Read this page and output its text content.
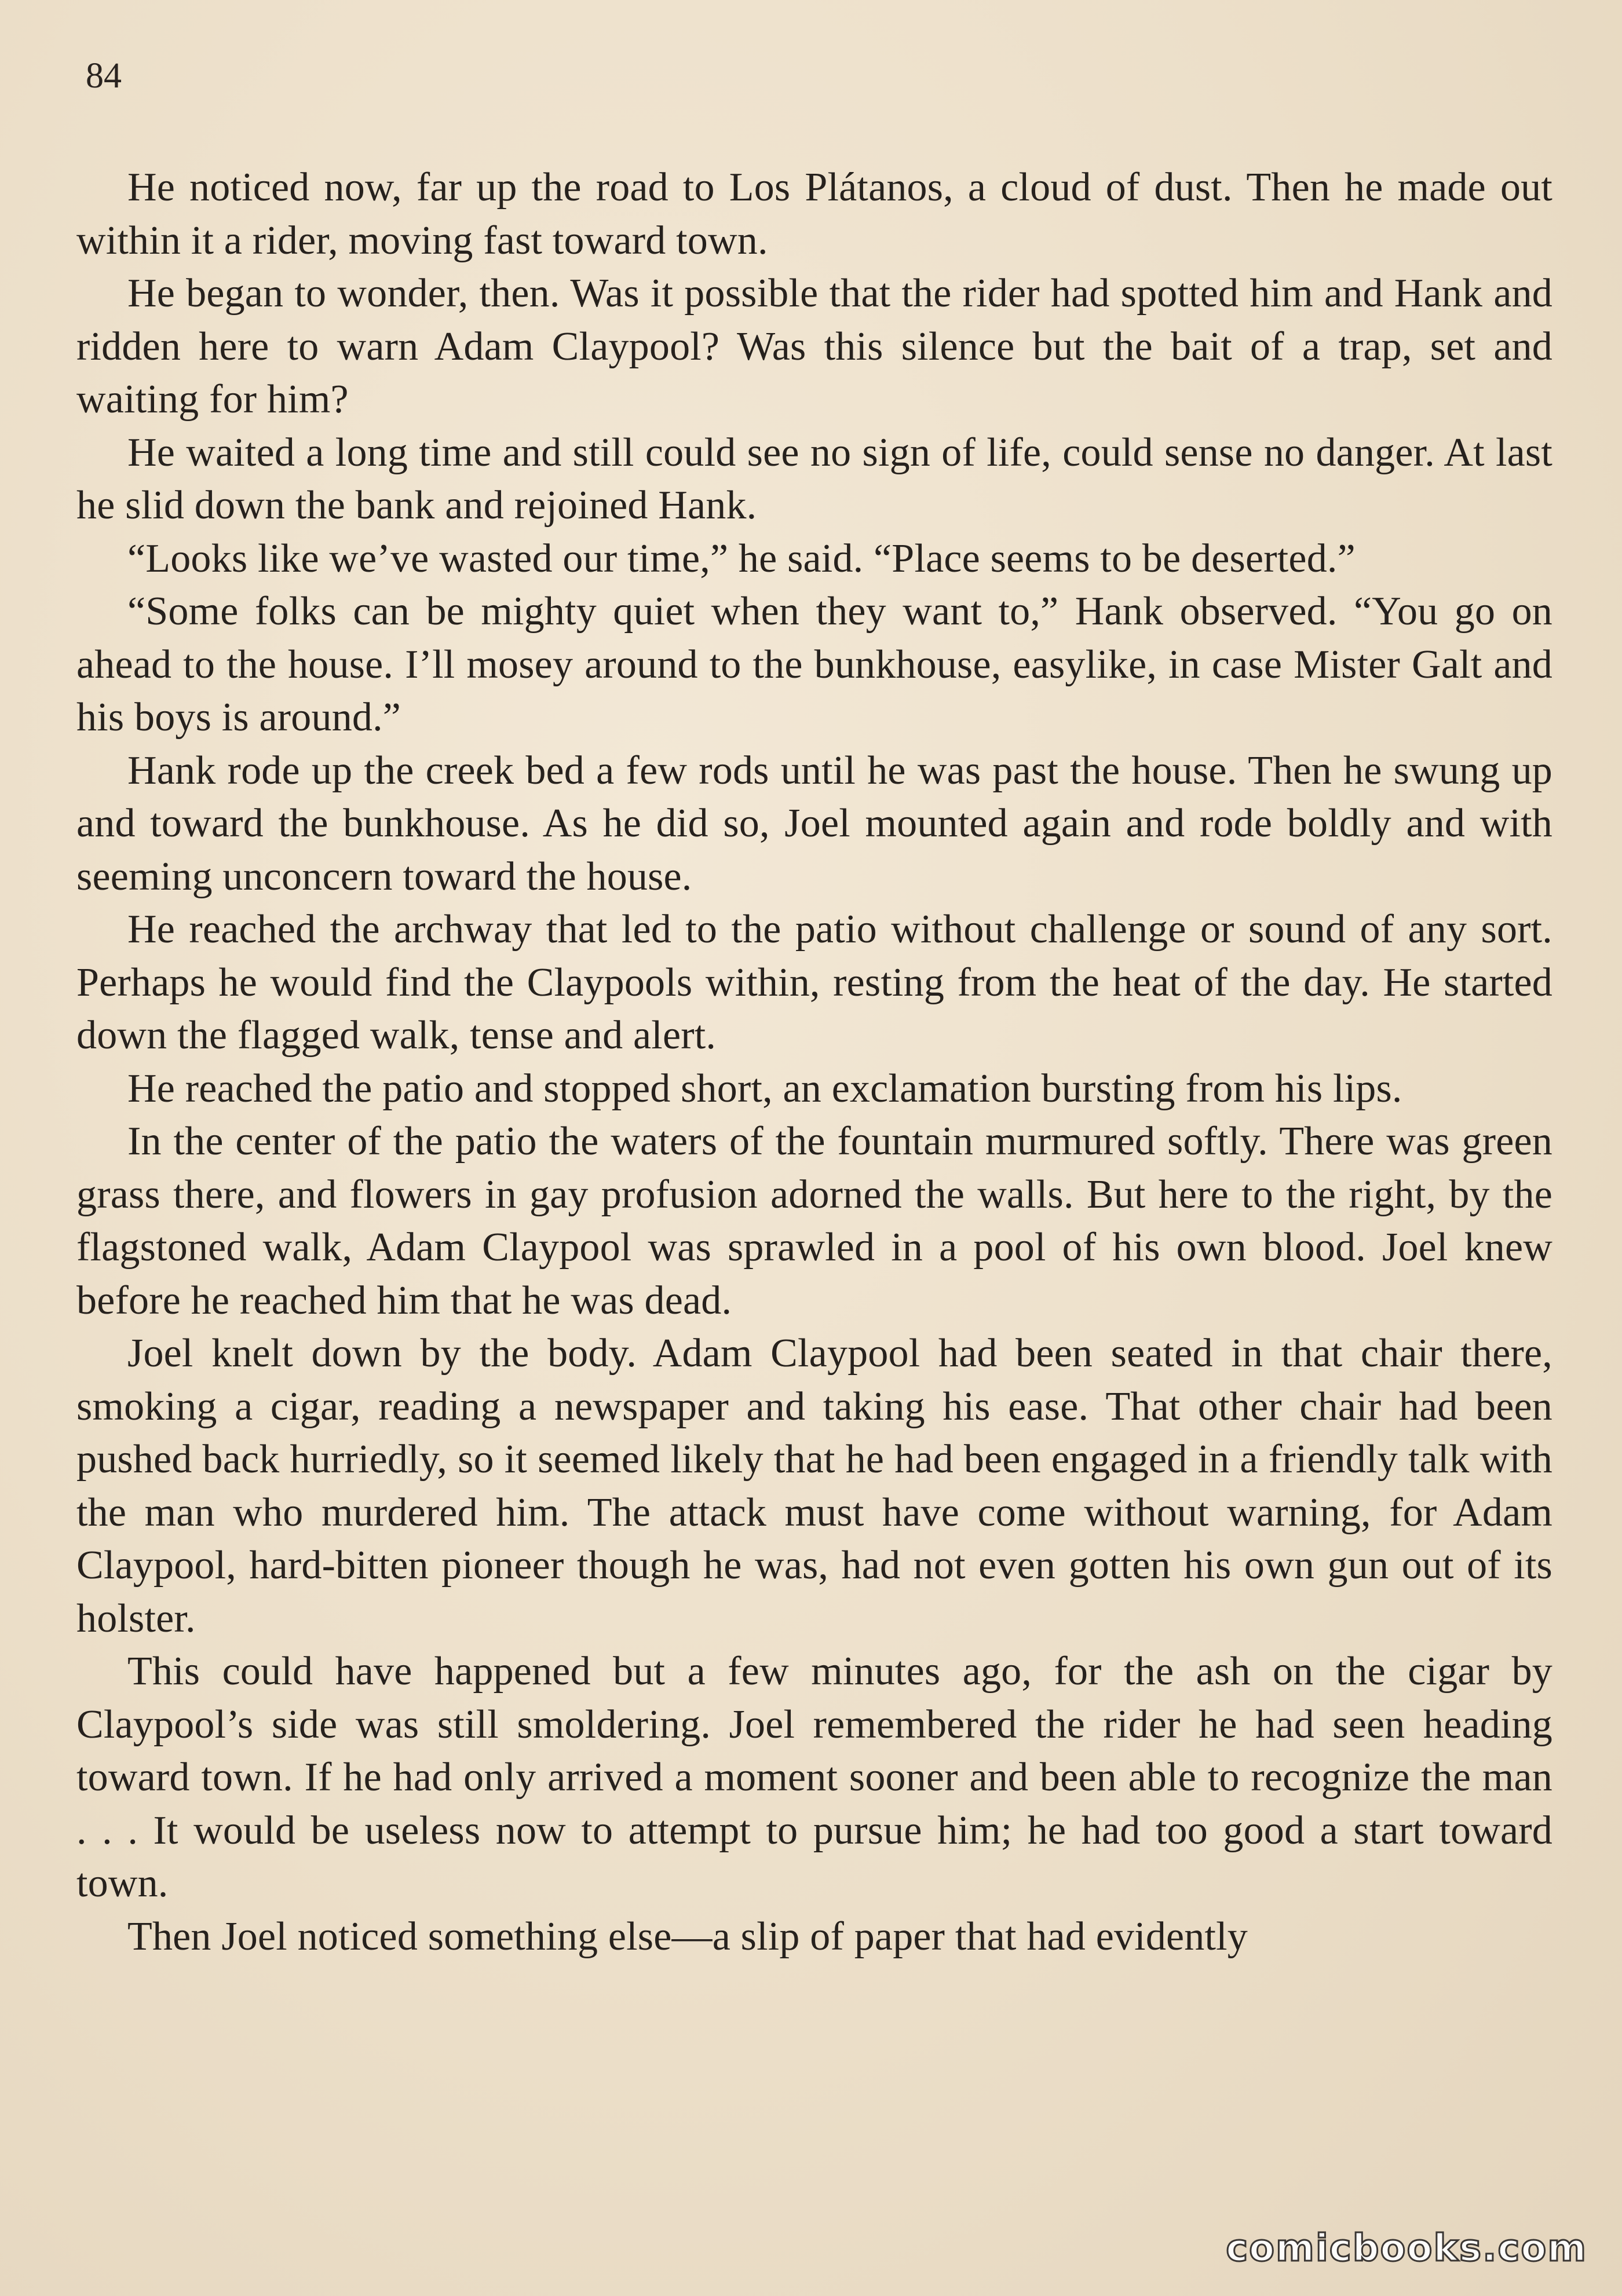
84

He noticed now, far up the road to Los Plátanos, a cloud of dust. Then he made out within it a rider, moving fast toward town.

He began to wonder, then. Was it possible that the rider had spotted him and Hank and ridden here to warn Adam Claypool? Was this silence but the bait of a trap, set and waiting for him?

He waited a long time and still could see no sign of life, could sense no danger. At last he slid down the bank and rejoined Hank.

“Looks like we’ve wasted our time,” he said. “Place seems to be deserted.”

“Some folks can be mighty quiet when they want to,” Hank observed. “You go on ahead to the house. I’ll mosey around to the bunkhouse, easylike, in case Mister Galt and his boys is around.”

Hank rode up the creek bed a few rods until he was past the house. Then he swung up and toward the bunkhouse. As he did so, Joel mounted again and rode boldly and with seeming unconcern toward the house.

He reached the archway that led to the patio without challenge or sound of any sort. Perhaps he would find the Claypools within, resting from the heat of the day. He started down the flagged walk, tense and alert.

He reached the patio and stopped short, an exclamation bursting from his lips.

In the center of the patio the waters of the fountain murmured softly. There was green grass there, and flowers in gay profusion adorned the walls. But here to the right, by the flagstoned walk, Adam Claypool was sprawled in a pool of his own blood. Joel knew before he reached him that he was dead.

Joel knelt down by the body. Adam Claypool had been seated in that chair there, smoking a cigar, reading a newspaper and taking his ease. That other chair had been pushed back hurriedly, so it seemed likely that he had been engaged in a friendly talk with the man who murdered him. The attack must have come without warning, for Adam Claypool, hard-bitten pioneer though he was, had not even gotten his own gun out of its holster.

This could have happened but a few minutes ago, for the ash on the cigar by Claypool’s side was still smoldering. Joel remembered the rider he had seen heading toward town. If he had only arrived a moment sooner and been able to recognize the man . . . It would be useless now to attempt to pursue him; he had too good a start toward town.

Then Joel noticed something else—a slip of paper that had evidently

comicbooks.com
